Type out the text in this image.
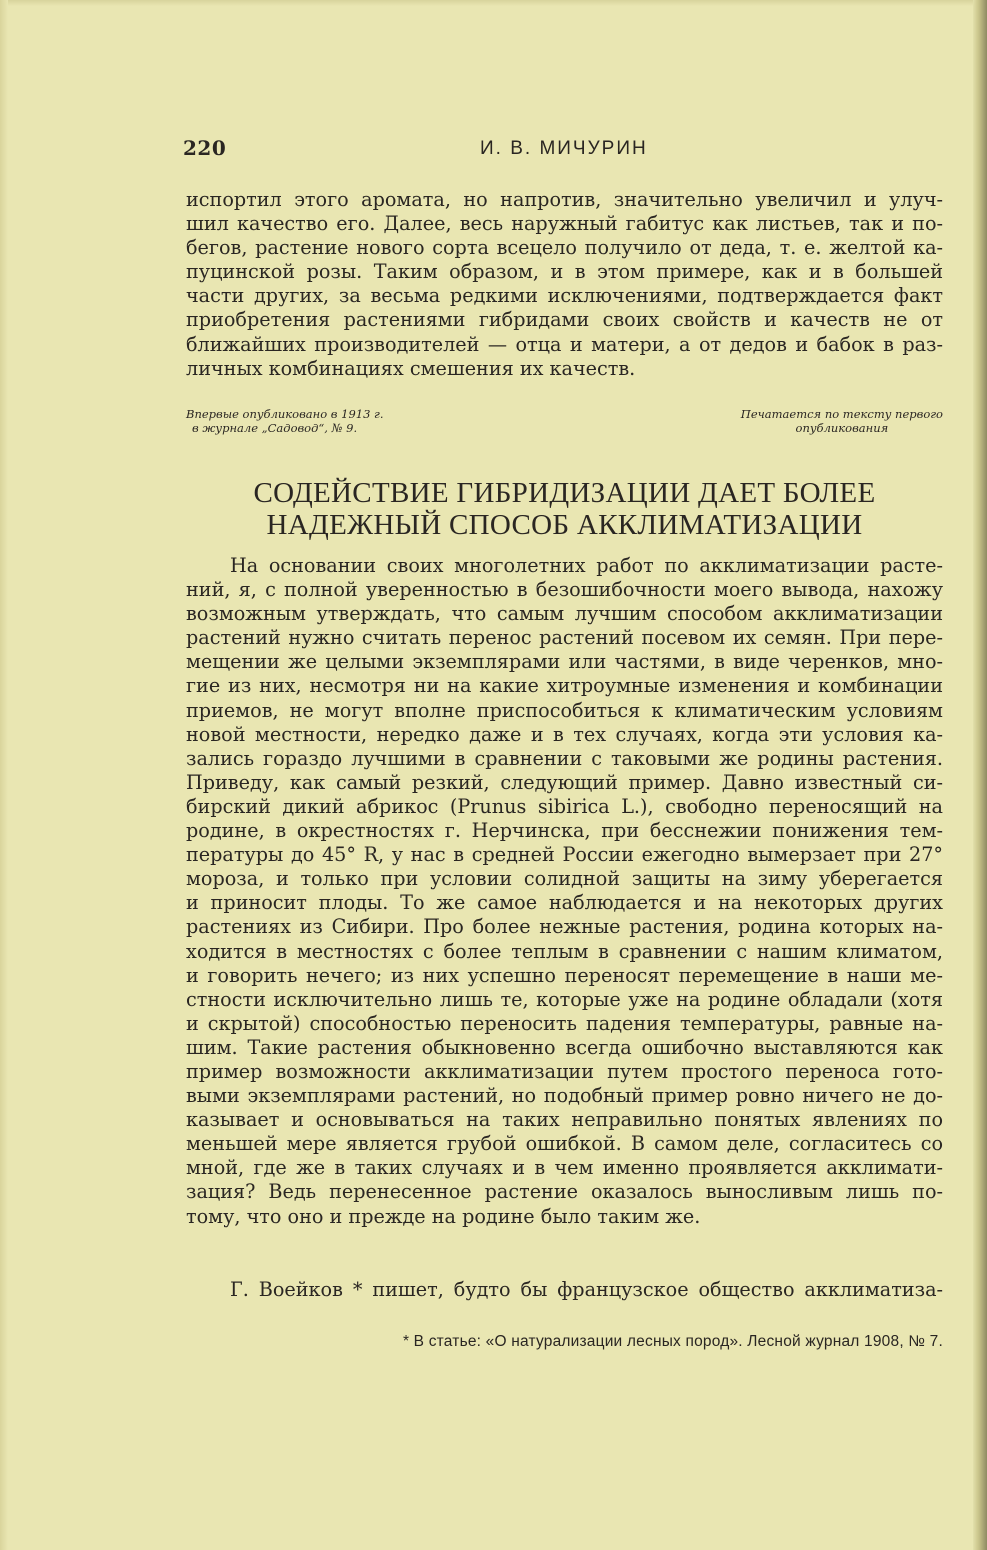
220	И. В. МИЧУРИН
испортил этого аромата, но напротив, значительно увеличил и улуч-
шил качество его. Далее, весь наружный габитус как листьев, так и по-
бегов, растение нового сорта всецело получило от деда, т. е. желтой ка-
пуцинской розы. Таким образом, и в этом примере, как и в большей
части других, за весьма редкими исключениями, подтверждается факт
приобретения растениями гибридами своих свойств и качеств не от
ближайших производителей — отца и матери, а от дедов и бабок в раз-
личных комбинациях смешения их качеств.
Впервые опубликовано в 1913 г.
в журнале „Садовод“, № 9.
Печатается по тексту первого
опубликования
СОДЕЙСТВИЕ ГИБРИДИЗАЦИИ ДАЕТ БОЛЕЕ
НАДЕЖНЫЙ СПОСОБ АККЛИМАТИЗАЦИИ
На основании своих многолетних работ по акклиматизации расте-
ний, я, с полной уверенностью в безошибочности моего вывода, нахожу
возможным утверждать, что самым лучшим способом акклиматизации
растений нужно считать перенос растений посевом их семян. При пере-
мещении же целыми экземплярами или частями, в виде черенков, мно-
гие из них, несмотря ни на какие хитроумные изменения и комбинации
приемов, не могут вполне приспособиться к климатическим условиям
новой местности, нередко даже и в тех случаях, когда эти условия ка-
зались гораздо лучшими в сравнении с таковыми же родины растения.
Приведу, как самый резкий, следующий пример. Давно известный си-
бирский дикий абрикос (Prunus sibirica L.), свободно переносящий на
родине, в окрестностях г. Нерчинска, при бесснежии понижения тем-
пературы до 45° R, у нас в средней России ежегодно вымерзает при 27°
мороза, и только при условии солидной защиты на зиму уберегается
и приносит плоды. То же самое наблюдается и на некоторых других
растениях из Сибири. Про более нежные растения, родина которых на-
ходится в местностях с более теплым в сравнении с нашим климатом,
и говорить нечего; из них успешно переносят перемещение в наши ме-
стности исключительно лишь те, которые уже на родине обладали (хотя
и скрытой) способностью переносить падения температуры, равные на-
шим. Такие растения обыкновенно всегда ошибочно выставляются как
пример возможности акклиматизации путем простого переноса гото-
выми экземплярами растений, но подобный пример ровно ничего не до-
казывает и основываться на таких неправильно понятых явлениях по
меньшей мере является грубой ошибкой. В самом деле, согласитесь со
мной, где же в таких случаях и в чем именно проявляется акклимати-
зация? Ведь перенесенное растение оказалось выносливым лишь по-
тому, что оно и прежде на родине было таким же.
Г. Воейков * пишет, будто бы французское общество акклиматиза-
* В статье: «О натурализации лесных пород». Лесной журнал 1908, № 7.
